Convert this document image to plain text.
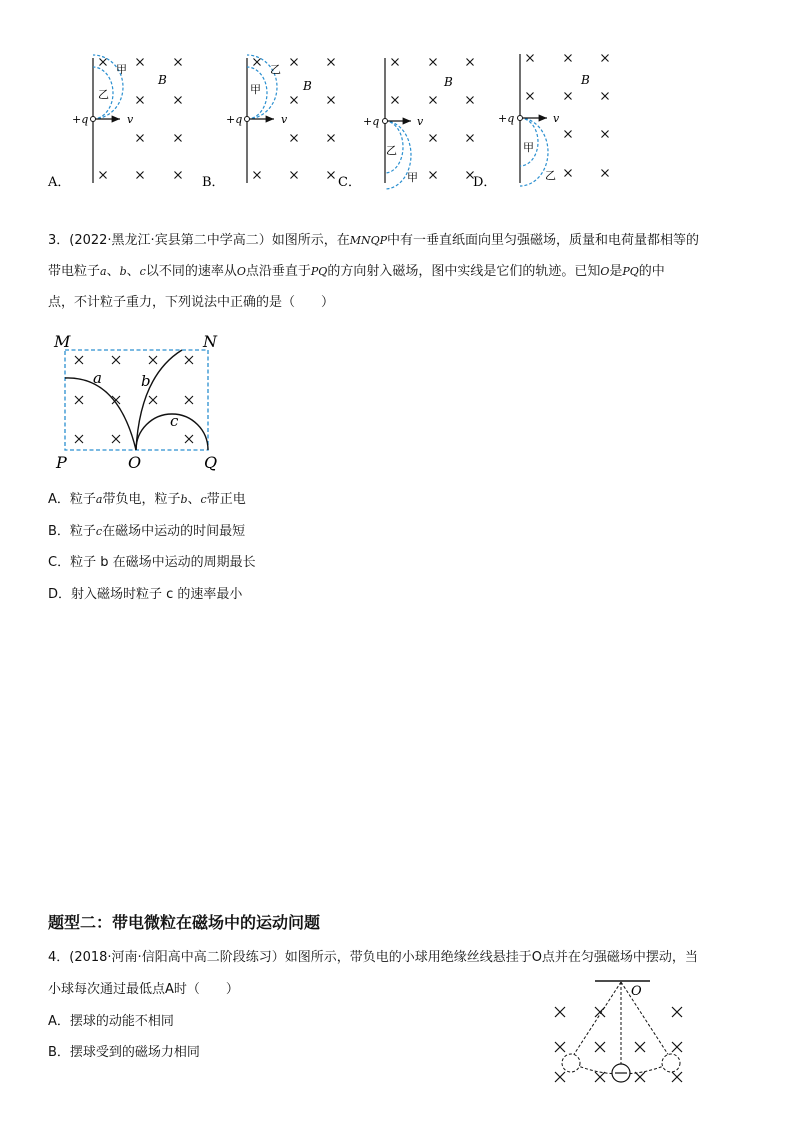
+q	v
B
甲
乙
A．
+q	v
B
乙
甲
B．
+q	v
B
乙
甲
C．
+q	v
B
甲
乙
D．
3．(2022·黑龙江·宾县第二中学高二）如图所示，在MNQP中有一垂直纸面向里匀强磁场，质量和电荷量都相等的
带电粒子a、b、c以不同的速率从O点沿垂直于PQ的方向射入磁场，图中实线是它们的轨迹。已知O是PQ的中
点，不计粒子重力，下列说法中正确的是（　　）
M	N
P	O	Q
a	b
c
A．粒子a带负电，粒子b、c带正电
B．粒子c在磁场中运动的时间最短
C．粒子 b 在磁场中运动的周期最长
D．射入磁场时粒子 c 的速率最小
题型二：带电微粒在磁场中的运动问题
4．(2018·河南·信阳高中高二阶段练习）如图所示，带负电的小球用绝缘丝线悬挂于O点并在匀强磁场中摆动，当
小球每次通过最低点A时（　　）
A．摆球的动能不相同
B．摆球受到的磁场力相同
O
